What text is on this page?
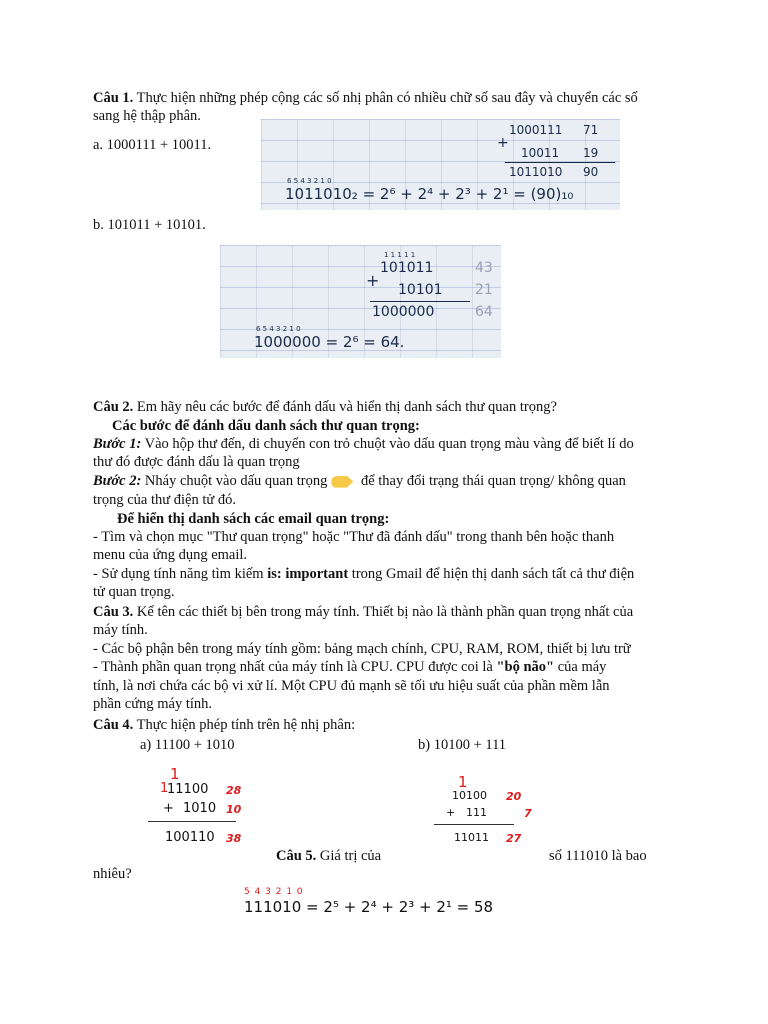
Câu 1. Thực hiện những phép cộng các số nhị phân có nhiều chữ số sau đây và chuyển các số
sang hệ thập phân.
a. 1000111 + 10011.
1000111 71
+
10011 19
1011010 90
6 5 4 3 2 1 0
1011010₂ = 2⁶ + 2⁴ + 2³ + 2¹ = (90)₁₀
b. 101011 + 10101.
1 1 1 1 1
101011	43
+ 10101 21
1000000	64
6 5 4 3 2 1 0
1000000 = 2⁶ = 64.
Câu 2. Em hãy nêu các bước để đánh dấu và hiển thị danh sách thư quan trọng?
Các bước để đánh dấu danh sách thư quan trọng:
Bước 1: Vào hộp thư đến, di chuyển con trỏ chuột vào dấu quan trọng màu vàng để biết lí do
thư đó được đánh dấu là quan trọng
Bước 2: Nháy chuột vào dấu quan trọng để thay đổi trạng thái quan trọng/ không quan
trọng của thư điện tử đó.
Để hiển thị danh sách các email quan trọng:
- Tìm và chọn mục "Thư quan trọng" hoặc "Thư đã đánh dấu" trong thanh bên hoặc thanh
menu của ứng dụng email.
- Sử dụng tính năng tìm kiếm is: important trong Gmail để hiện thị danh sách tất cả thư điện
tử quan trọng.
Câu 3. Kể tên các thiết bị bên trong máy tính. Thiết bị nào là thành phần quan trọng nhất của
máy tính.
- Các bộ phận bên trong máy tính gồm: bảng mạch chính, CPU, RAM, ROM, thiết bị lưu trữ
- Thành phần quan trọng nhất của máy tính là CPU. CPU được coi là "bộ não" của máy
tính, là nơi chứa các bộ vi xử lí. Một CPU đủ mạnh sẽ tối ưu hiệu suất của phần mềm lẫn
phần cứng máy tính.
Câu 4. Thực hiện phép tính trên hệ nhị phân:
a) 11100 + 1010	b) 10100 + 111
1
1
11100 28
+ 1010 10
100110 38
1
10100 20
+ 111	7
11011 27
Câu 5. Giá trị của	số 111010 là bao
nhiêu?
5 4 3 2 1 0
111010 = 2⁵ + 2⁴ + 2³ + 2¹ = 58
